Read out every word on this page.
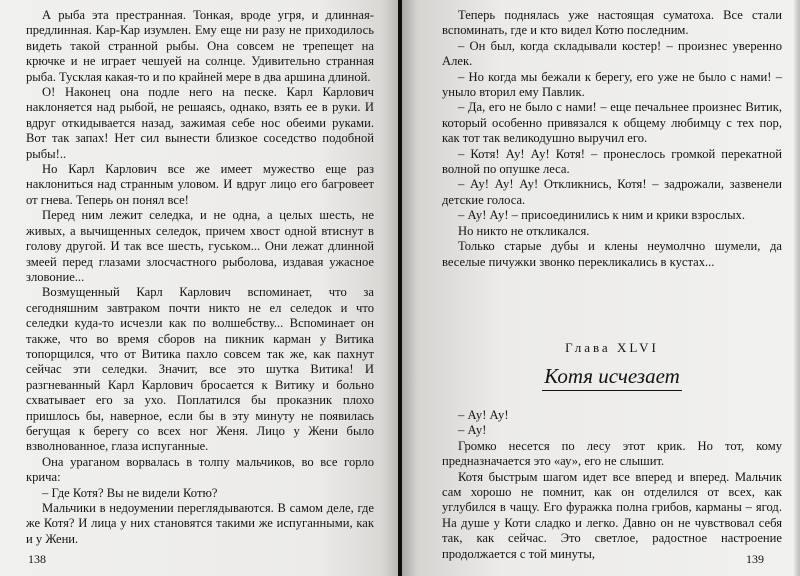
А рыба эта престранная. Тонкая, вроде угря, и длинная-предлинная. Кар-Кар изумлен. Ему еще ни разу не приходилось видеть такой странной рыбы. Она совсем не трепещет на крючке и не играет чешуей на солнце. Удивительно странная рыба. Тусклая какая-то и по крайней мере в два аршина длиной.

О! Наконец она подле него на песке. Карл Карлович наклоняется над рыбой, не решаясь, однако, взять ее в руки. И вдруг откидывается назад, зажимая себе нос обеими руками. Вот так запах! Нет сил вынести близкое соседство подобной рыбы!..

Но Карл Карлович все же имеет мужество еще раз наклониться над странным уловом. И вдруг лицо его багровеет от гнева. Теперь он понял все!

Перед ним лежит селедка, и не одна, а целых шесть, не живых, а вычищенных селедок, причем хвост одной втиснут в голову другой. И так все шесть, гуськом... Они лежат длинной змеей перед глазами злосчастного рыболова, издавая ужасное зловоние...

Возмущенный Карл Карлович вспоминает, что за сегодняшним завтраком почти никто не ел селедок и что селедки куда-то исчезли как по волшебству... Вспоминает он также, что во время сборов на пикник карман у Витика топорщился, что от Витика пахло совсем так же, как пахнут сейчас эти селедки. Значит, все это шутка Витика! И разгневанный Карл Карлович бросается к Витику и больно схватывает его за ухо. Поплатился бы проказник плохо пришлось бы, наверное, если бы в эту минуту не появилась бегущая к берегу со всех ног Женя. Лицо у Жени было взволнованное, глаза испуганные.

Она ураганом ворвалась в толпу мальчиков, во все горло крича:

– Где Котя? Вы не видели Котю?

Мальчики в недоумении переглядываются. В самом деле, где же Котя? И лица у них становятся такими же испуганными, как и у Жени.

138

Теперь поднялась уже настоящая суматоха. Все стали вспоминать, где и кто видел Котю последним.

– Он был, когда складывали костер! – произнес уверенно Алек.

– Но когда мы бежали к берегу, его уже не было с нами! – уныло вторил ему Павлик.

– Да, его не было с нами! – еще печальнее произнес Витик, который особенно привязался к общему любимцу с тех пор, как тот так великодушно выручил его.

– Котя! Ау! Ау! Котя! – пронеслось громкой перекатной волной по опушке леса.

– Ау! Ау! Ау! Откликнись, Котя! – задрожали, зазвенели детские голоса.

– Ау! Ау! – присоединились к ним и крики взрослых.

Но никто не откликался.

Только старые дубы и клены неумолчно шумели, да веселые пичужки звонко перекликались в кустах...

Глава XLVI
Котя исчезает

– Ау! Ау!

– Ау!

Громко несется по лесу этот крик. Но тот, кому предназначается это «ау», его не слышит.

Котя быстрым шагом идет все вперед и вперед. Мальчик сам хорошо не помнит, как он отделился от всех, как углубился в чащу. Его фуражка полна грибов, карманы – ягод. На душе у Коти сладко и легко. Давно он не чувствовал себя так, как сейчас. Это светлое, радостное настроение продолжается с той минуты,	139
